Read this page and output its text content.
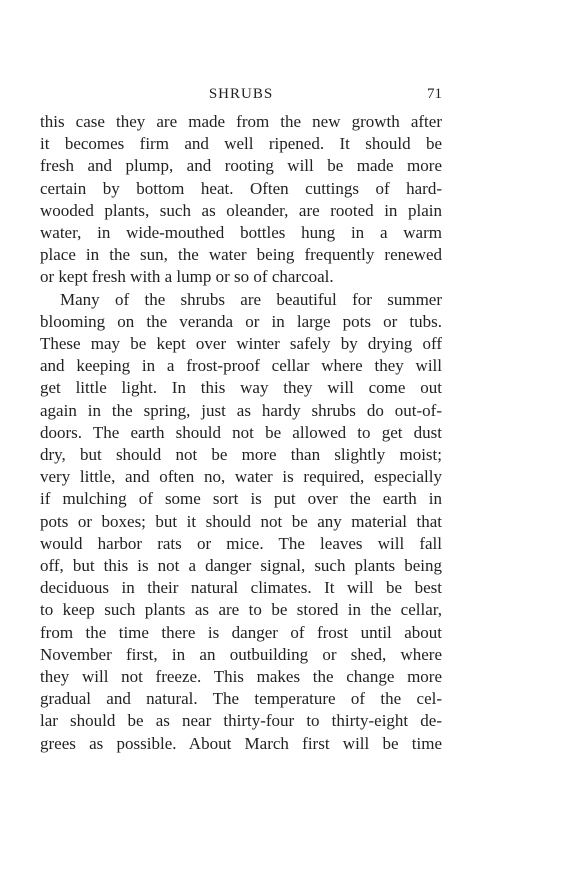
SHRUBS	71
this case they are made from the new growth after
it becomes firm and well ripened. It should be
fresh and plump, and rooting will be made more
certain by bottom heat. Often cuttings of hard-
wooded plants, such as oleander, are rooted in plain
water, in wide-mouthed bottles hung in a warm
place in the sun, the water being frequently renewed
or kept fresh with a lump or so of charcoal.
Many of the shrubs are beautiful for summer
blooming on the veranda or in large pots or tubs.
These may be kept over winter safely by drying off
and keeping in a frost-proof cellar where they will
get little light. In this way they will come out
again in the spring, just as hardy shrubs do out-of-
doors. The earth should not be allowed to get dust
dry, but should not be more than slightly moist;
very little, and often no, water is required, especially
if mulching of some sort is put over the earth in
pots or boxes; but it should not be any material that
would harbor rats or mice. The leaves will fall
off, but this is not a danger signal, such plants being
deciduous in their natural climates. It will be best
to keep such plants as are to be stored in the cellar,
from the time there is danger of frost until about
November first, in an outbuilding or shed, where
they will not freeze. This makes the change more
gradual and natural. The temperature of the cel-
lar should be as near thirty-four to thirty-eight de-
grees as possible. About March first will be time
